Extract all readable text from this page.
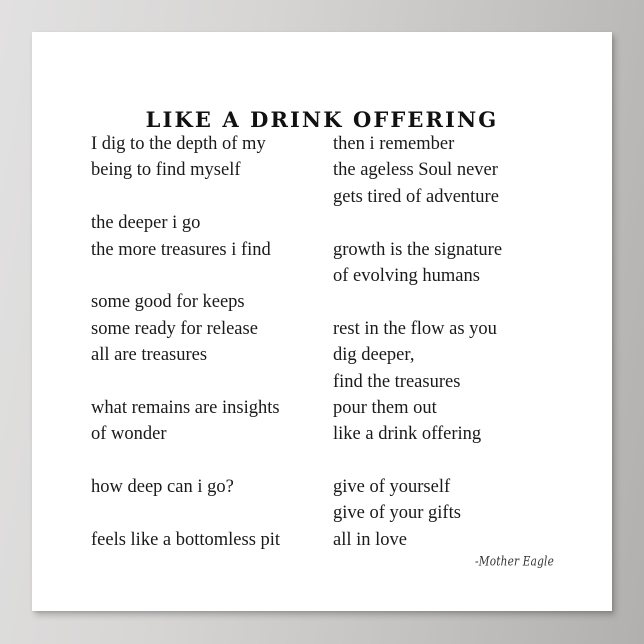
LIKE A DRINK OFFERING
I dig to the depth of my
being to find myself
the deeper i go
the more treasures i find
some good for keeps
some ready for release
all are treasures
what remains are insights
of wonder
how deep can i go?
feels like a bottomless pit
then i remember
the ageless Soul never
gets tired of adventure
growth is the signature
of evolving humans
rest in the flow as you
dig deeper,
find the treasures
pour them out
like a drink offering
give of yourself
give of your gifts
all in love
-Mother Eagle
